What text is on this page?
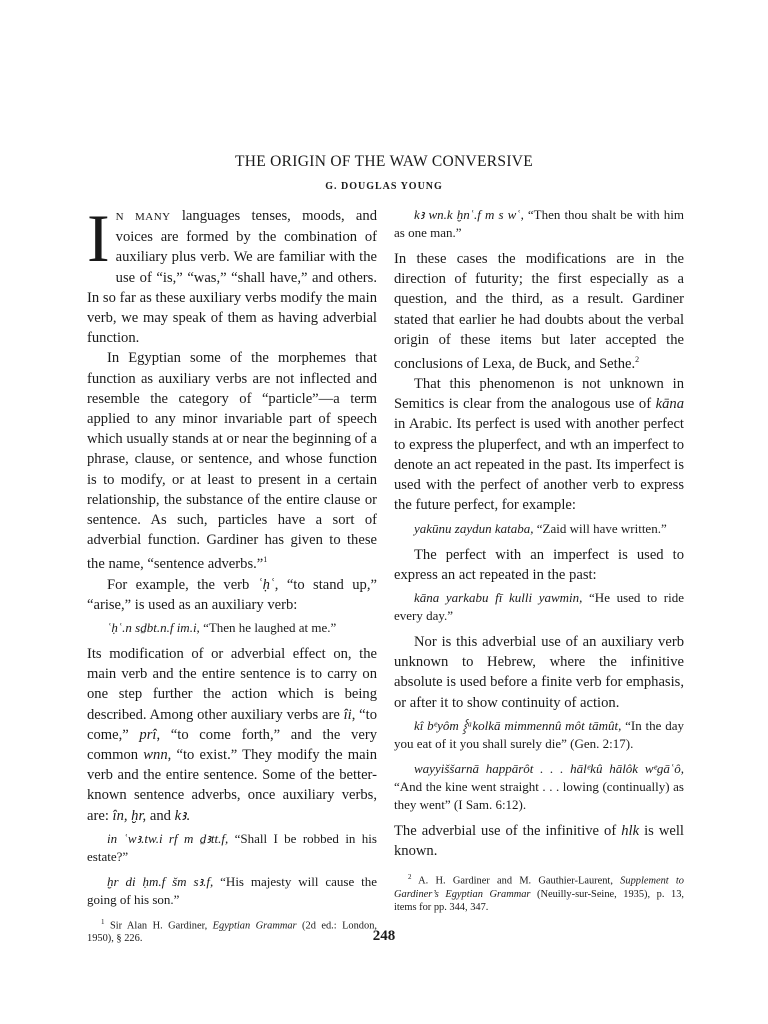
THE ORIGIN OF THE WAW CONVERSIVE
G. DOUGLAS YOUNG

I N MANY languages tenses, moods, and voices are formed by the combination of auxiliary plus verb. We are familiar with the use of “is,” “was,” “shall have,” and others. In so far as these auxiliary verbs modify the main verb, we may speak of them as having adverbial function.

In Egyptian some of the morphemes that function as auxiliary verbs are not inflected and resemble the category of “particle”—a term applied to any minor invariable part of speech which usually stands at or near the beginning of a phrase, clause, or sentence, and whose function is to modify, or at least to present in a certain relationship, the substance of the entire clause or sentence. As such, particles have a sort of adverbial function. Gardiner has given to these the name, “sentence adverbs.”$^1$

For example, the verb ʿḥʿ, “to stand up,” “arise,” is used as an auxiliary verb:

ʿḥʿ.n sḏbt.n.f im.i, “Then he laughed at me.”

Its modification of or adverbial effect on, the main verb and the entire sentence is to carry on one step further the action which is being described. Among other auxiliary verbs are îi, “to come,” prî, “to come forth,” and the very common wnn, “to exist.” They modify the main verb and the entire sentence. Some of the better-known sentence adverbs, once auxiliary verbs, are: în, ḫr, and kꜣ.

in ʿwꜣ.tw.i rf m ḏꜣtt.f, “Shall I be robbed in his estate?”

ḫr di ḥm.f šm sꜣ.f, “His majesty will cause the going of his son.”

$^1$ Sir Alan H. Gardiner, Egyptian Grammar (2d ed.: London, 1950), § 226.

kꜣ wn.k ḫnʿ.f m s wʿ, “Then thou shalt be with him as one man.”

In these cases the modifications are in the direction of futurity; the first especially as a question, and the third, as a result. Gardiner stated that earlier he had doubts about the verbal origin of these items but later accepted the conclusions of Lexa, de Buck, and Sethe.$^2$

That this phenomenon is not unknown in Semitics is clear from the analogous use of kāna in Arabic. Its perfect is used with another perfect to express the pluperfect, and wth an imperfect to denote an act repeated in the past. Its imperfect is used with the perfect of another verb to express the future perfect, for example:

yakūnu zaydun kataba, “Zaid will have written.”

The perfect with an imperfect is used to express an act repeated in the past:

kāna yarkabu fī kulli yawmin, “He used to ride every day.”

Nor is this adverbial use of an auxiliary verb unknown to Hebrew, where the infinitive absolute is used before a finite verb for emphasis, or after it to show continuity of action.

kî bᵉyôm ⸾ᵃkolkā mimmennû môt tāmût, “In the day you eat of it you shall surely die” (Gen. 2:17).

wayyiššarnā happārôt . . . hālᵉkû hālôk wᵉgāʿô, “And the kine went straight . . . lowing (continually) as they went” (I Sam. 6:12).

The adverbial use of the infinitive of hlk is well known.

$^2$ A. H. Gardiner and M. Gauthier-Laurent, Supplement to Gardiner’s Egyptian Grammar (Neuilly-sur-Seine, 1935), p. 13, items for pp. 344, 347.

248
